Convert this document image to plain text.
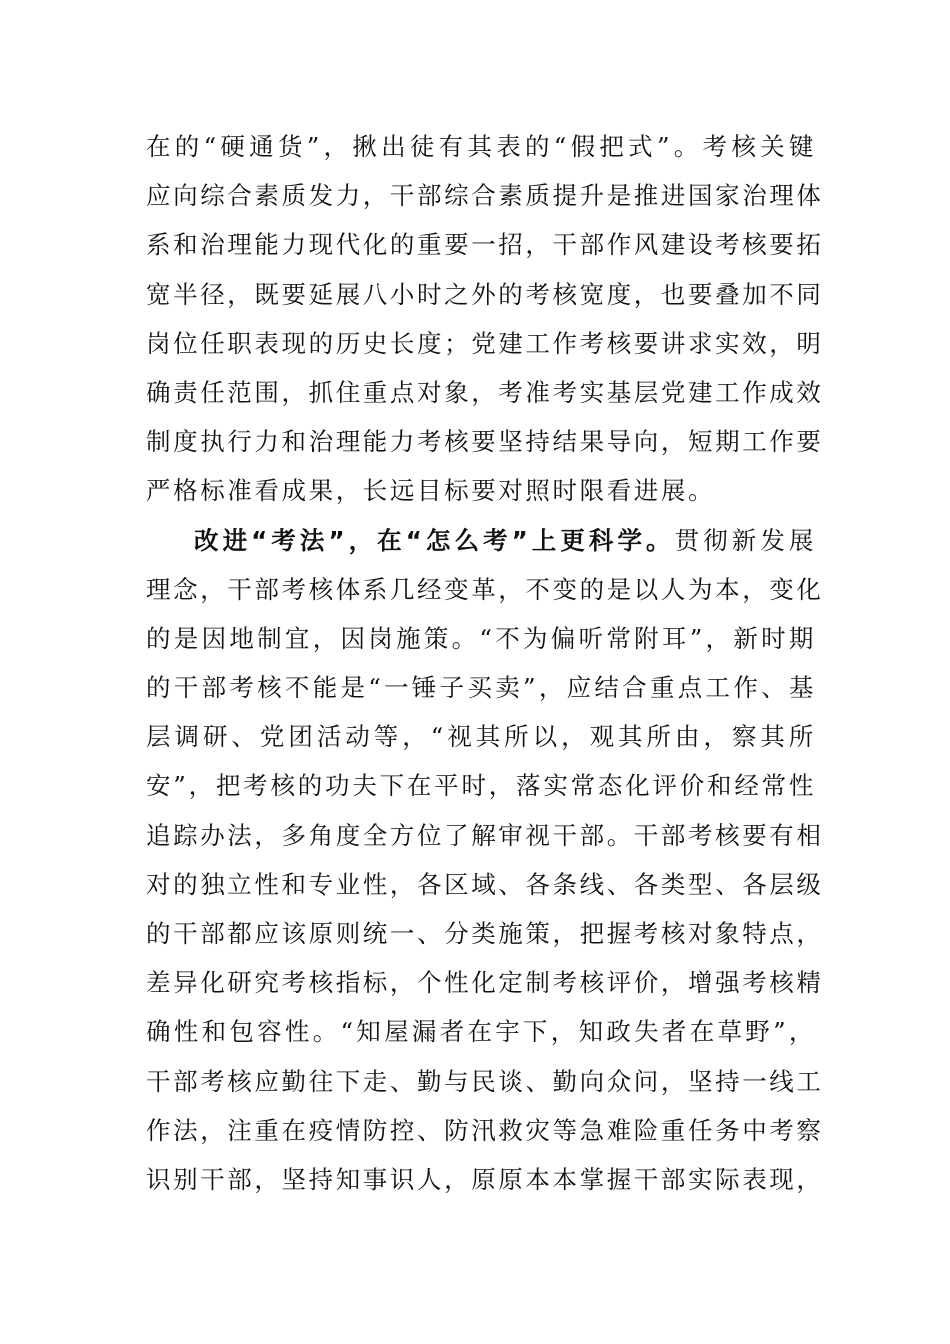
在的“硬通货”，揪出徒有其表的“假把式”。考核关键
应向综合素质发力，干部综合素质提升是推进国家治理体
系和治理能力现代化的重要一招，干部作风建设考核要拓
宽半径，既要延展八小时之外的考核宽度，也要叠加不同
岗位任职表现的历史长度；党建工作考核要讲求实效，明
确责任范围，抓住重点对象，考准考实基层党建工作成效
制度执行力和治理能力考核要坚持结果导向，短期工作要
严格标准看成果，长远目标要对照时限看进展。
改进“考法”，在“怎么考”上更科学。贯彻新发展
理念，干部考核体系几经变革，不变的是以人为本，变化
的是因地制宜，因岗施策。“不为偏听常附耳”，新时期
的干部考核不能是“一锤子买卖”，应结合重点工作、基
层调研、党团活动等，“视其所以，观其所由，察其所
安”，把考核的功夫下在平时，落实常态化评价和经常性
追踪办法，多角度全方位了解审视干部。干部考核要有相
对的独立性和专业性，各区域、各条线、各类型、各层级
的干部都应该原则统一、分类施策，把握考核对象特点，
差异化研究考核指标，个性化定制考核评价，增强考核精
确性和包容性。“知屋漏者在宇下，知政失者在草野”，
干部考核应勤往下走、勤与民谈、勤向众问，坚持一线工
作法，注重在疫情防控、防汛救灾等急难险重任务中考察
识别干部，坚持知事识人，原原本本掌握干部实际表现，
